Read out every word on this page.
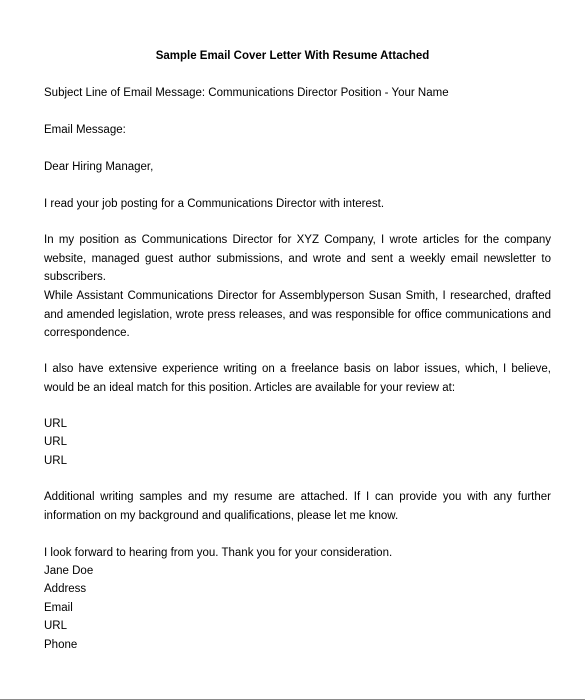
Sample Email Cover Letter With Resume Attached

Subject Line of Email Message: Communications Director Position - Your Name

Email Message:

Dear Hiring Manager,

I read your job posting for a Communications Director with interest.

In my position as Communications Director for XYZ Company, I wrote articles for the company website, managed guest author submissions, and wrote and sent a weekly email newsletter to subscribers.

While Assistant Communications Director for Assemblyperson Susan Smith, I researched, drafted and amended legislation, wrote press releases, and was responsible for office communications and correspondence.

I also have extensive experience writing on a freelance basis on labor issues, which, I believe, would be an ideal match for this position. Articles are available for your review at:

URL

URL

URL

Additional writing samples and my resume are attached. If I can provide you with any further information on my background and qualifications, please let me know.

I look forward to hearing from you. Thank you for your consideration.

Jane Doe

Address

Email

URL

Phone
